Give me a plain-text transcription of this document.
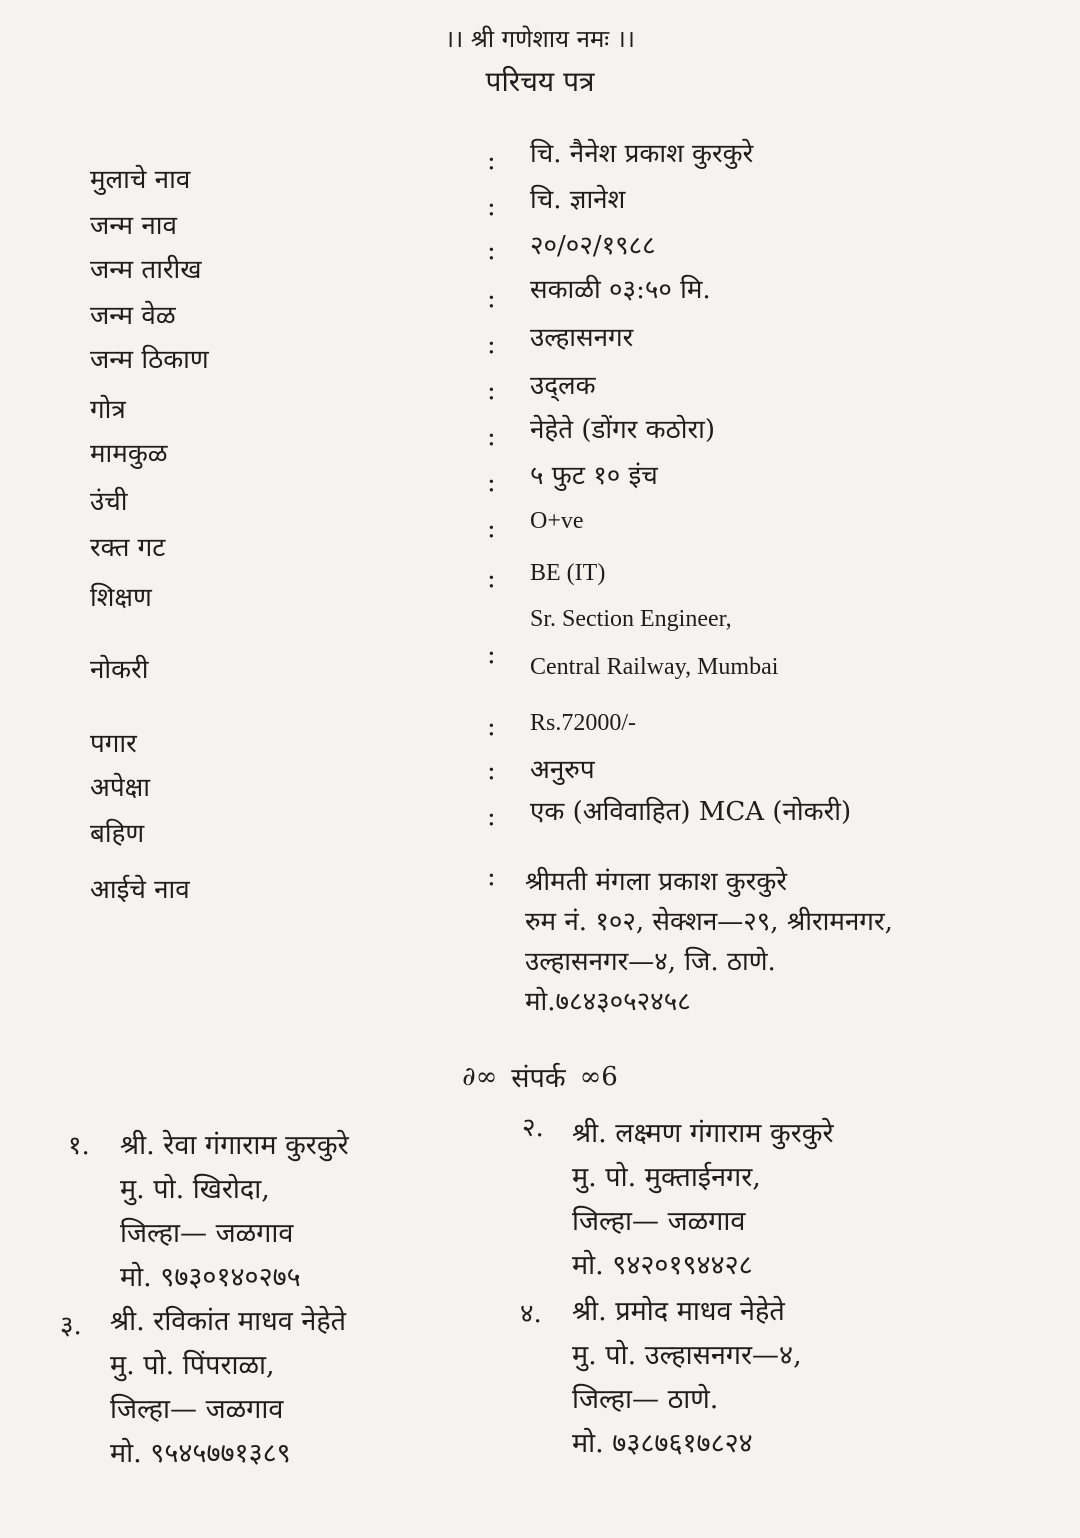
।। श्री गणेशाय नमः ।।
परिचय पत्र
मुलाचे नाव
: चि. नैनेश प्रकाश कुरकुरे
जन्म नाव
: चि. ज्ञानेश
जन्म तारीख
: २०/०२/१९८८
जन्म वेळ
: सकाळी ०३:५० मि.
जन्म ठिकाण	: उल्हासनगर
गोत्र
: उद्लक
मामकुळ
: नेहेते (डोंगर कठोरा)
उंची
: ५ फुट १० इंच
रक्त गट
: O+ve
शिक्षण
: BE (IT)
नोकरी	:
Sr. Section Engineer,
Central Railway, Mumbai
पगार
: Rs.72000/-
अपेक्षा
: अनुरुप
बहिण
: एक (अविवाहित) MCA (नोकरी)
आईचे नाव	: श्रीमती मंगला प्रकाश कुरकुरे
रुम नं. १०२, सेक्शन—२९, श्रीरामनगर,
उल्हासनगर—४, जि. ठाणे.
मो.७८४३०५२४५८
∂∞ संपर्क ∞6
१. श्री. रेवा गंगाराम कुरकुरे
मु. पो. खिरोदा,
जिल्हा— जळगाव
मो. ९७३०१४०२७५
२. श्री. लक्ष्मण गंगाराम कुरकुरे
मु. पो. मुक्ताईनगर,
जिल्हा— जळगाव
मो. ९४२०१९४४२८
३. श्री. रविकांत माधव नेहेते
मु. पो. पिंपराळा,
जिल्हा— जळगाव
मो. ९५४५७७१३८९
४. श्री. प्रमोद माधव नेहेते
मु. पो. उल्हासनगर—४,
जिल्हा— ठाणे.
मो. ७३८७६१७८२४
